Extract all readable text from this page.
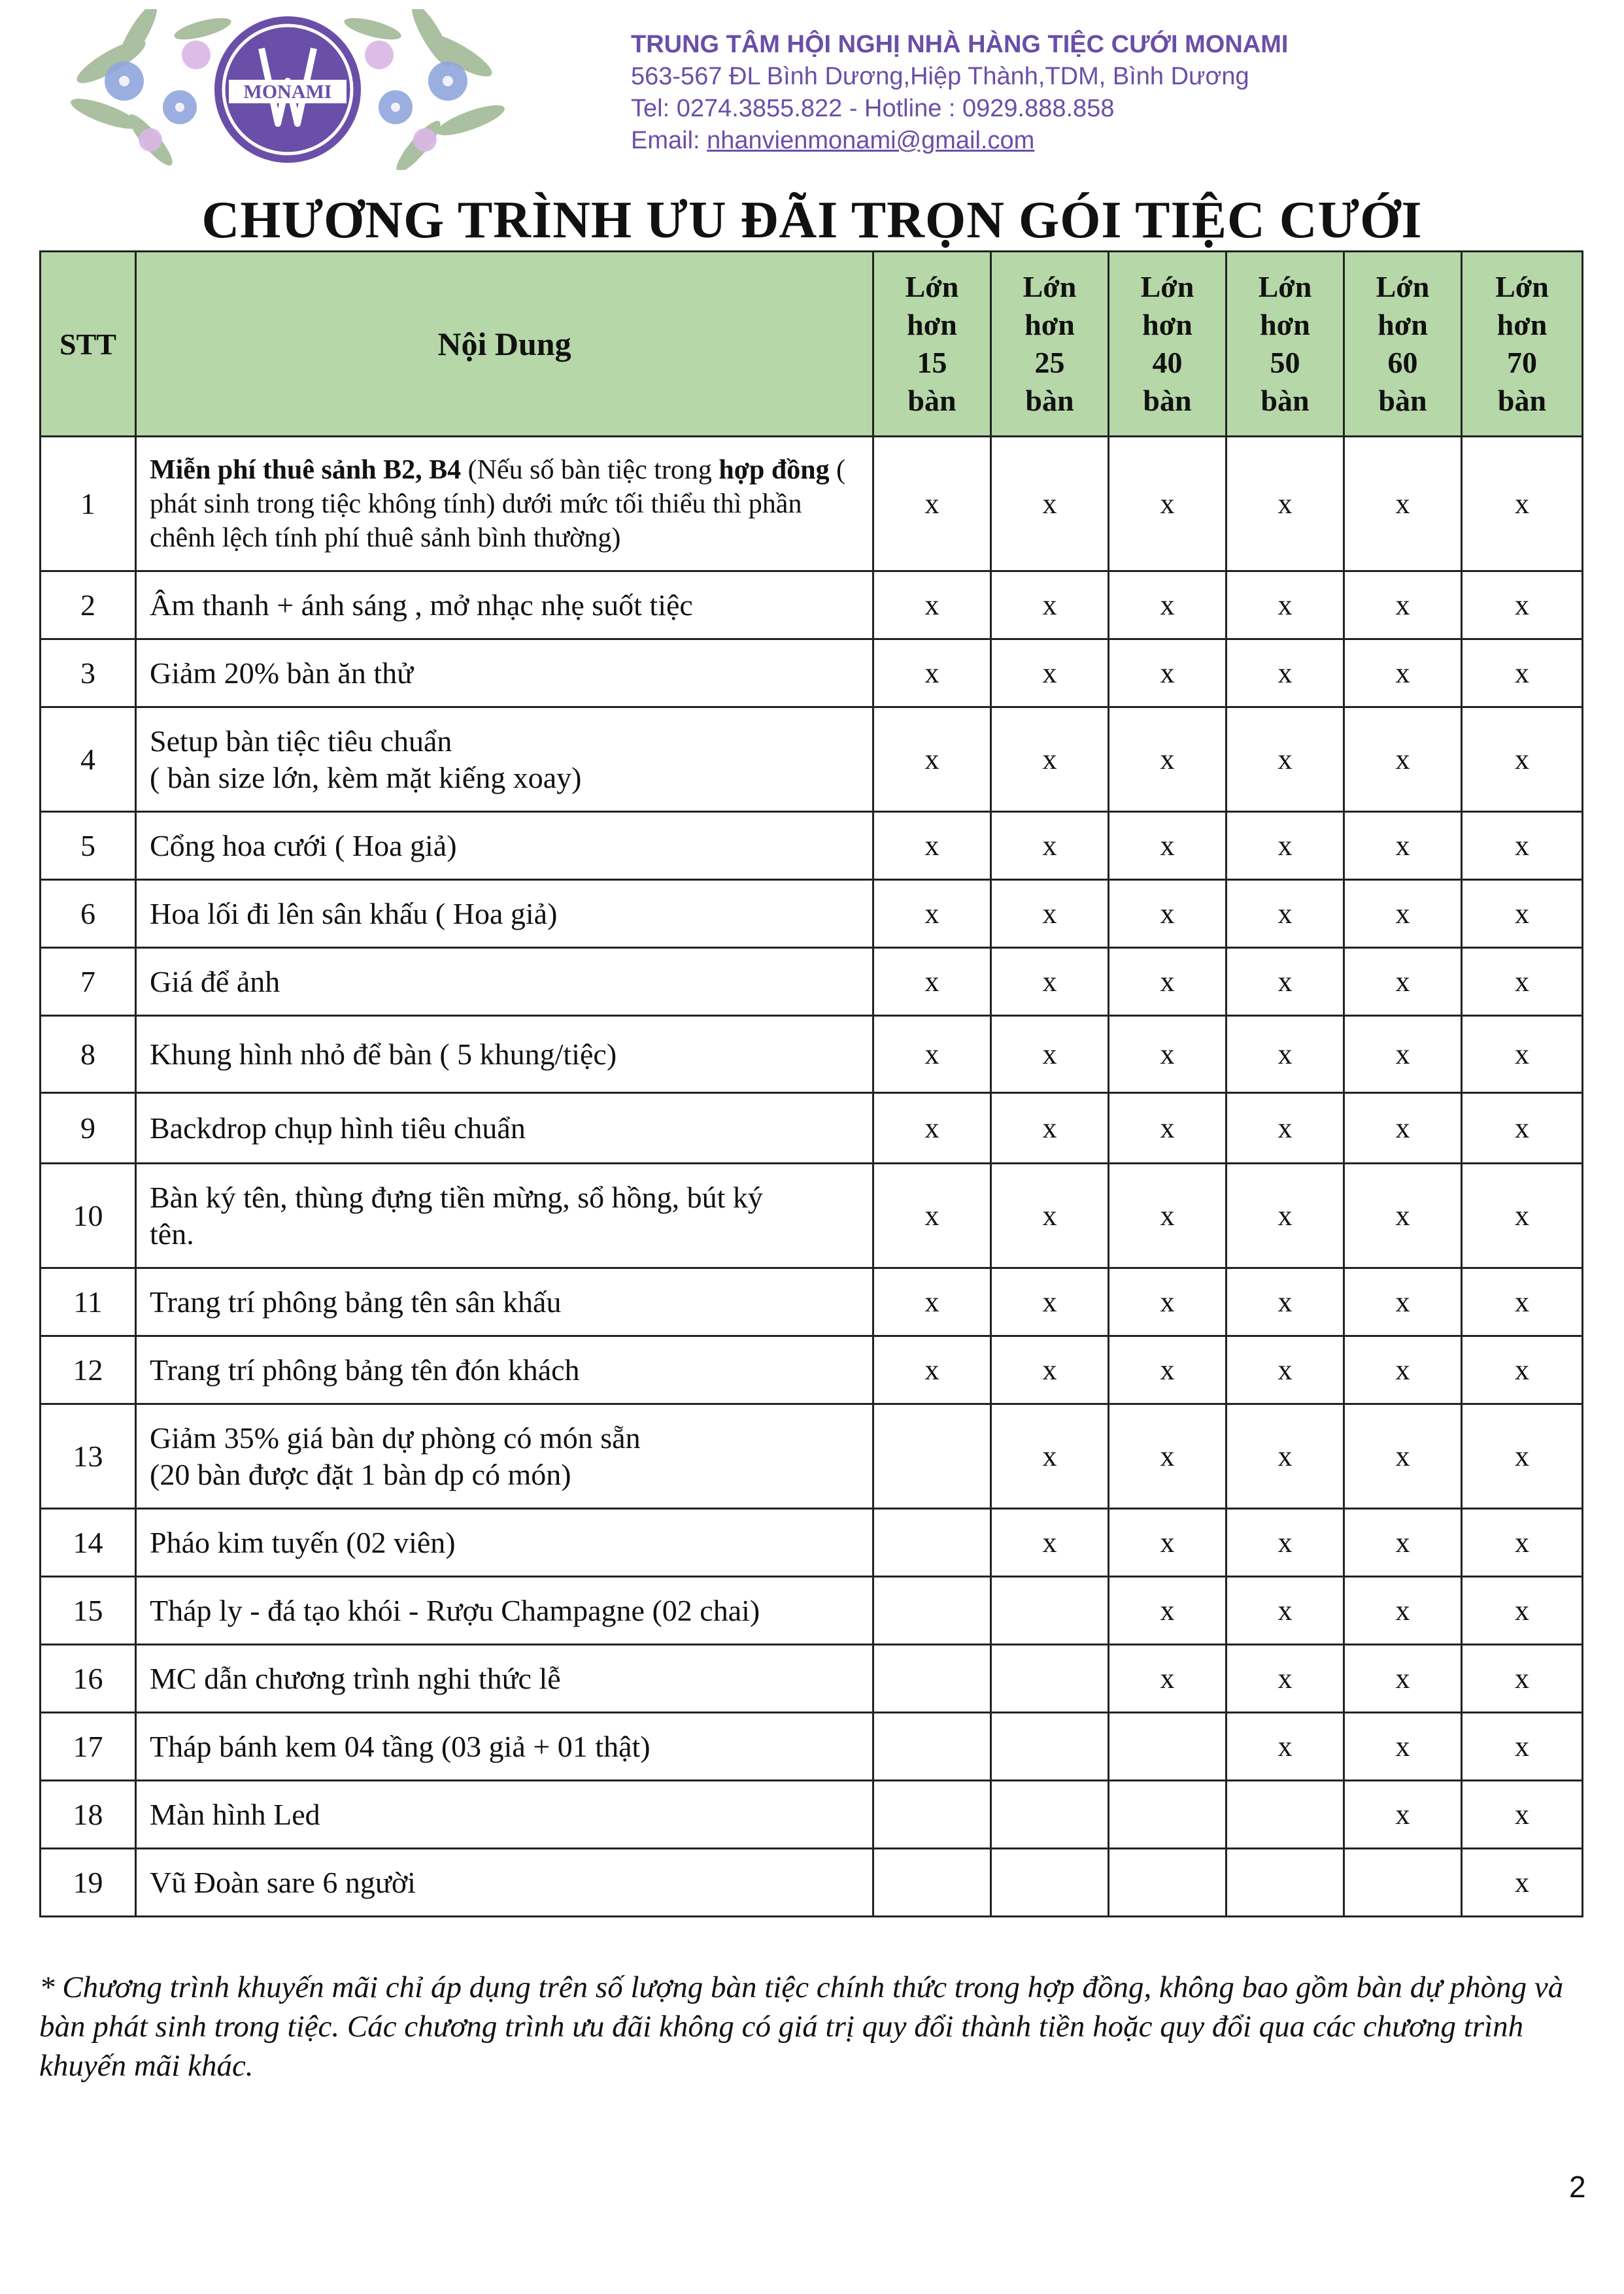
MONAMI
TRUNG TÂM HỘI NGHỊ NHÀ HÀNG TIỆC CƯỚI MONAMI
563-567 ĐL Bình Dương,Hiệp Thành,TDM, Bình Dương
Tel: 0274.3855.822 - Hotline : 0929.888.858
Email: nhanvienmonami@gmail.com
CHƯƠNG TRÌNH ƯU ĐÃI TRỌN GÓI TIỆC CƯỚI
STT	Nội Dung	Lớn
hơn
15
bàn	Lớn
hơn
25
bàn	Lớn
hơn
40
bàn	Lớn
hơn
50
bàn	Lớn
hơn
60
bàn	Lớn
hơn
70
bàn

1	Miễn phí thuê sảnh B2, B4 (Nếu số bàn tiệc trong hợp đồng ( phát sinh trong tiệc không tính) dưới mức tối thiểu thì phần chênh lệch tính phí thuê sảnh bình thường)	x	x	x	x	x	x
2	Âm thanh + ánh sáng , mở nhạc nhẹ suốt tiệc	x	x	x	x	x	x
3	Giảm 20% bàn ăn thử	x	x	x	x	x	x
4	Setup bàn tiệc tiêu chuẩn
( bàn size lớn, kèm mặt kiếng xoay)	x	x	x	x	x	x
5	Cổng hoa cưới ( Hoa giả)	x	x	x	x	x	x
6	Hoa lối đi lên sân khấu ( Hoa giả)	x	x	x	x	x	x
7	Giá để ảnh	x	x	x	x	x	x
8	Khung hình nhỏ để bàn ( 5 khung/tiệc)	x	x	x	x	x	x
9	Backdrop chụp hình tiêu chuẩn	x	x	x	x	x	x
10	Bàn ký tên, thùng đựng tiền mừng, sổ hồng, bút ký
tên.	x	x	x	x	x	x
11	Trang trí phông bảng tên sân khấu	x	x	x	x	x	x
12	Trang trí phông bảng tên đón khách	x	x	x	x	x	x
13	Giảm 35% giá bàn dự phòng có món sẵn
(20 bàn được đặt 1 bàn dp có món)		x	x	x	x	x
14	Pháo kim tuyến (02 viên)		x	x	x	x	x
15	Tháp ly - đá tạo khói - Rượu Champagne (02 chai)			x	x	x	x
16	MC dẫn chương trình nghi thức lễ			x	x	x	x
17	Tháp bánh kem 04 tầng (03 giả + 01 thật)				x	x	x
18	Màn hình Led					x	x
19	Vũ Đoàn sare 6 người						x
* Chương trình khuyến mãi chỉ áp dụng trên số lượng bàn tiệc chính thức trong hợp đồng, không bao gồm bàn dự phòng và bàn phát sinh trong tiệc. Các chương trình ưu đãi không có giá trị quy đổi thành tiền hoặc quy đổi qua các chương trình khuyến mãi khác.
2
